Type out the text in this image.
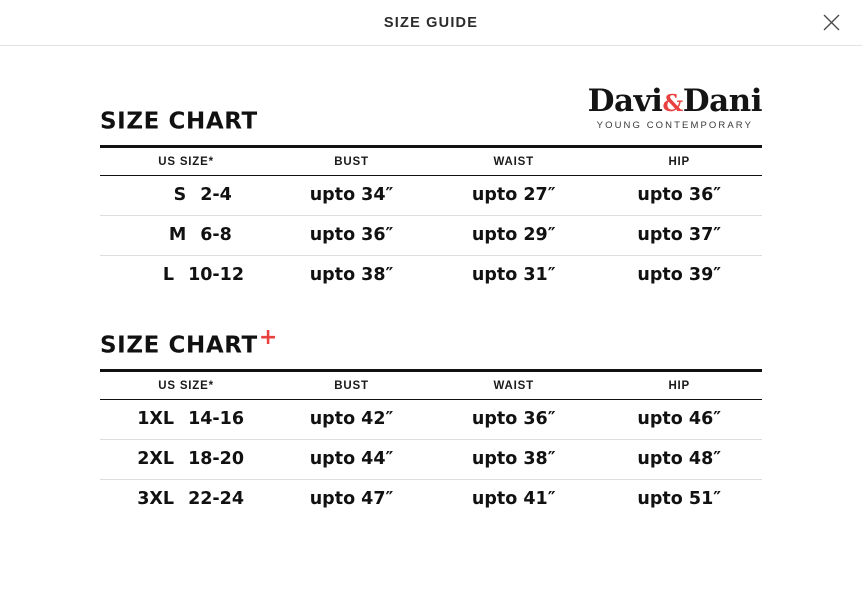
SIZE GUIDE
SIZE CHART
Davi&Dani
YOUNG CONTEMPORARY
US SIZE*	BUST	WAIST	HIP
S 2-4	upto 34″	upto 27″	upto 36″
M 6-8	upto 36″	upto 29″	upto 37″
L 10-12	upto 38″	upto 31″	upto 39″
SIZE CHART+
US SIZE*	BUST	WAIST	HIP
1XL 14-16	upto 42″	upto 36″	upto 46″
2XL 18-20	upto 44″	upto 38″	upto 48″
3XL 22-24	upto 47″	upto 41″	upto 51″
